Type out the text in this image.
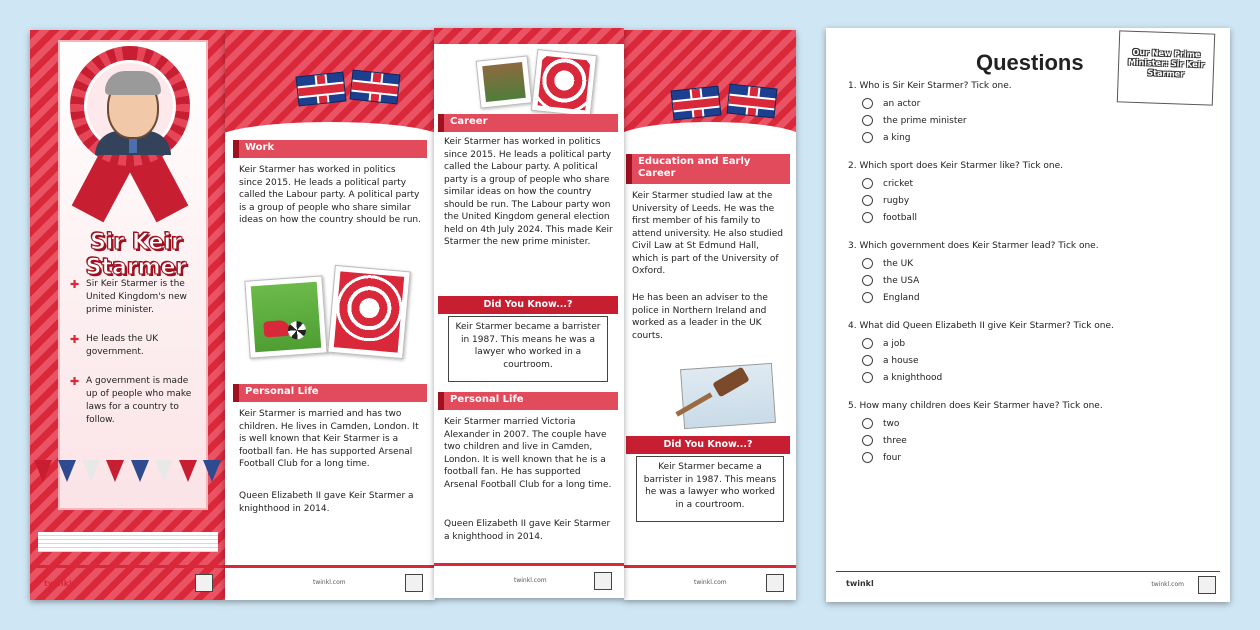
Sir Keir Starmer
✚ Sir Keir Starmer is the United Kingdom's new prime minister.
✚ He leads the UK government.
✚ A government is made up of people who make laws for a country to follow.
twinkl
Work
Keir Starmer has worked in politics since 2015. He leads a political party called the Labour party. A political party is a group of people who share similar ideas on how the country should be run.
Personal Life
Keir Starmer is married and has two children. He lives in Camden, London. It is well known that Keir Starmer is a football fan. He has supported Arsenal Football Club for a long time.
Queen Elizabeth II gave Keir Starmer a knighthood in 2014.
twinkl.com
Career
Keir Starmer has worked in politics since 2015. He leads a political party called the Labour party. A political party is a group of people who share similar ideas on how the country should be run. The Labour party won the United Kingdom general election held on 4th July 2024. This made Keir Starmer the new prime minister.
Did You Know...?
Keir Starmer became a barrister in 1987. This means he was a lawyer who worked in a courtroom.
Personal Life
Keir Starmer married Victoria Alexander in 2007. The couple have two children and live in Camden, London. It is well known that he is a football fan. He has supported Arsenal Football Club for a long time.
Queen Elizabeth II gave Keir Starmer a knighthood in 2014.
twinkl.com
Education and Early Career
Keir Starmer studied law at the University of Leeds. He was the first member of his family to attend university. He also studied Civil Law at St Edmund Hall, which is part of the University of Oxford.
He has been an adviser to the police in Northern Ireland and worked as a leader in the UK courts.
Did You Know...?
Keir Starmer became a barrister in 1987. This means he was a lawyer who worked in a courtroom.
twinkl.com
Questions	Our New Prime Minister: Sir Keir Starmer
1. Who is Sir Keir Starmer? Tick one.
an actor
the prime minister
a king
2. Which sport does Keir Starmer like? Tick one.
cricket
rugby
football
3. Which government does Keir Starmer lead? Tick one.
the UK
the USA
England
4. What did Queen Elizabeth II give Keir Starmer? Tick one.
a job
a house
a knighthood
5. How many children does Keir Starmer have? Tick one.
two
three
four
twinkl	twinkl.com
